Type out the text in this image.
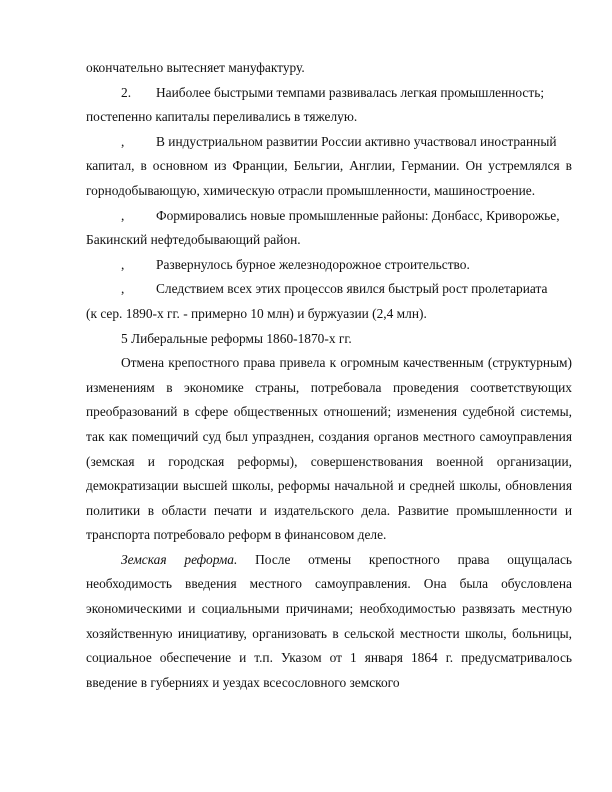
окончательно вытесняет мануфактуру.

2.	Наиболее быстрыми темпами развивалась легкая промышленность;

постепенно капиталы переливались в тяжелую.

,	В индустриальном развитии России активно участвовал иностранный

капитал, в основном из Франции, Бельгии, Англии, Германии. Он устремлялся в горнодобывающую, химическую отрасли промышленности, машиностроение.

,	Формировались новые промышленные районы: Донбасс, Криворожье,

Бакинский нефтедобывающий район.

,	Развернулось бурное железнодорожное строительство.
,	Следствием всех этих процессов явился быстрый рост пролетариата

(к сер. 1890-х гг. - примерно 10 млн) и буржуазии (2,4 млн).

5 Либеральные реформы 1860-1870-х гг.

Отмена крепостного права привела к огромным качественным (структурным) изменениям в экономике страны, потребовала проведения соответствующих преобразований в сфере общественных отношений; изменения судебной системы, так как помещичий суд был упразднен, создания органов местного самоуправления (земская и городская реформы), совершенствования военной организации, демократизации высшей школы, реформы начальной и средней школы, обновления политики в области печати и издательского дела. Развитие промышленности и транспорта потребовало реформ в финансовом деле.

Земская реформа. После отмены крепостного права ощущалась необходимость введения местного самоуправления. Она была обусловлена экономическими и социальными причинами; необходимостью развязать местную хозяйственную инициативу, организовать в сельской местности школы, больницы, социальное обеспечение и т.п. Указом от 1 января 1864 г. предусматривалось введение в губерниях и уездах всесословного земского
